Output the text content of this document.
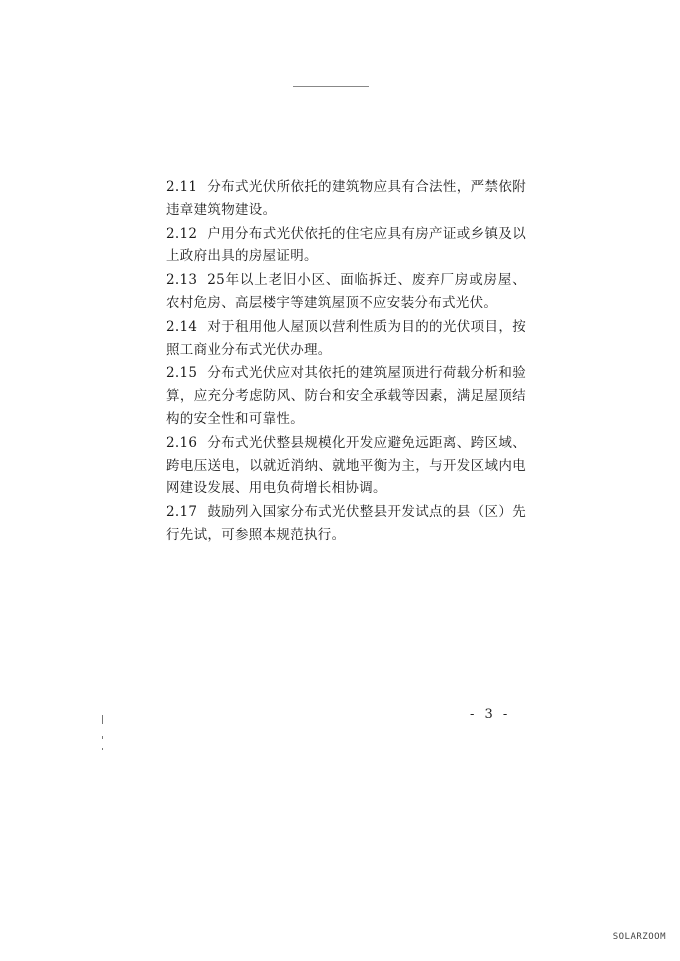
2.11 分布式光伏所依托的建筑物应具有合法性，严禁依附违章建筑物建设。

2.12 户用分布式光伏依托的住宅应具有房产证或乡镇及以上政府出具的房屋证明。

2.13 25年以上老旧小区、面临拆迁、废弃厂房或房屋、农村危房、高层楼宇等建筑屋顶不应安装分布式光伏。

2.14 对于租用他人屋顶以营利性质为目的的光伏项目，按照工商业分布式光伏办理。

2.15 分布式光伏应对其依托的建筑屋顶进行荷载分析和验算，应充分考虑防风、防台和安全承载等因素，满足屋顶结构的安全性和可靠性。

2.16 分布式光伏整县规模化开发应避免远距离、跨区域、跨电压送电，以就近消纳、就地平衡为主，与开发区域内电网建设发展、用电负荷增长相协调。

2.17 鼓励列入国家分布式光伏整县开发试点的县（区）先行先试，可参照本规范执行。

- 3 -
SOLARZOOM
